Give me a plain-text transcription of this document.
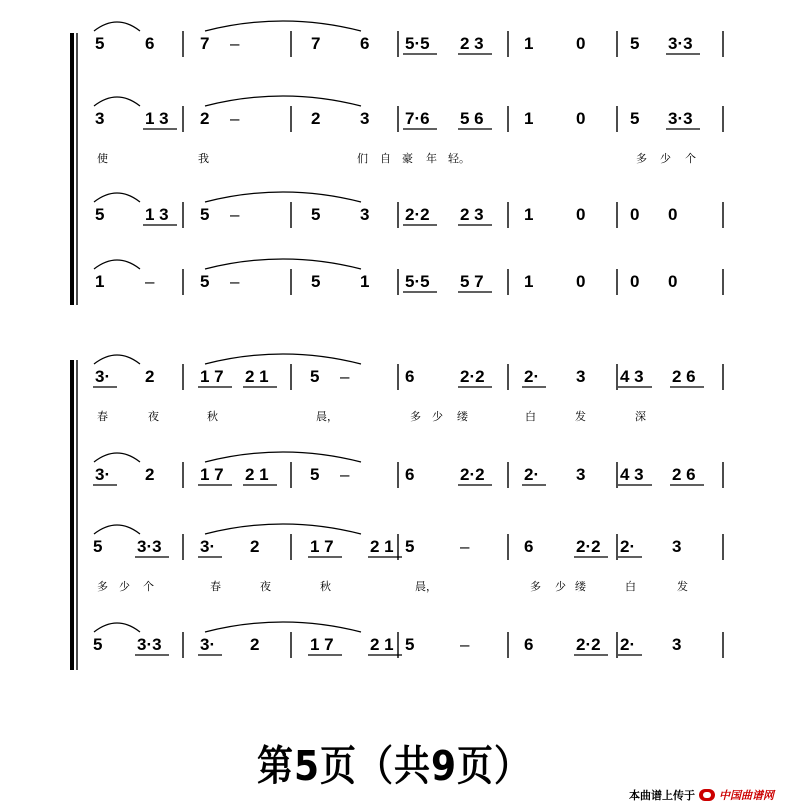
5 6	7 –	7 6 5·5 2 3 1	0	5 3·3
3 1 3 2 –	2 3 7·6 5 6 1	0	5 3·3
使	我	们 自 豪 年 轻。	多 少 个
5 1 3 5 –	5 3 2·2 2 3 1	0	0 0
1 –	5 –	5 1 5·5 5 7 1	0	0 0
3· 2	1 7 2 1 5 –	6	2·2 2· 3 4 3 2 6
春	夜	秋	晨，	多 少 缕	白	发	深
3· 2	1 7 2 1 5 –	6	2·2 2· 3 4 3 2 6
5 3·3 3· 2	1 7 2 1 5	–	6	2·2 2· 3
多 少 个	春	夜	秋	晨，	多 少 缕	白	发
5 3·3 3· 2	1 7 2 1 5	–	6	2·2 2· 3
第5页（共9页）
本曲谱上传于 中国曲谱网
